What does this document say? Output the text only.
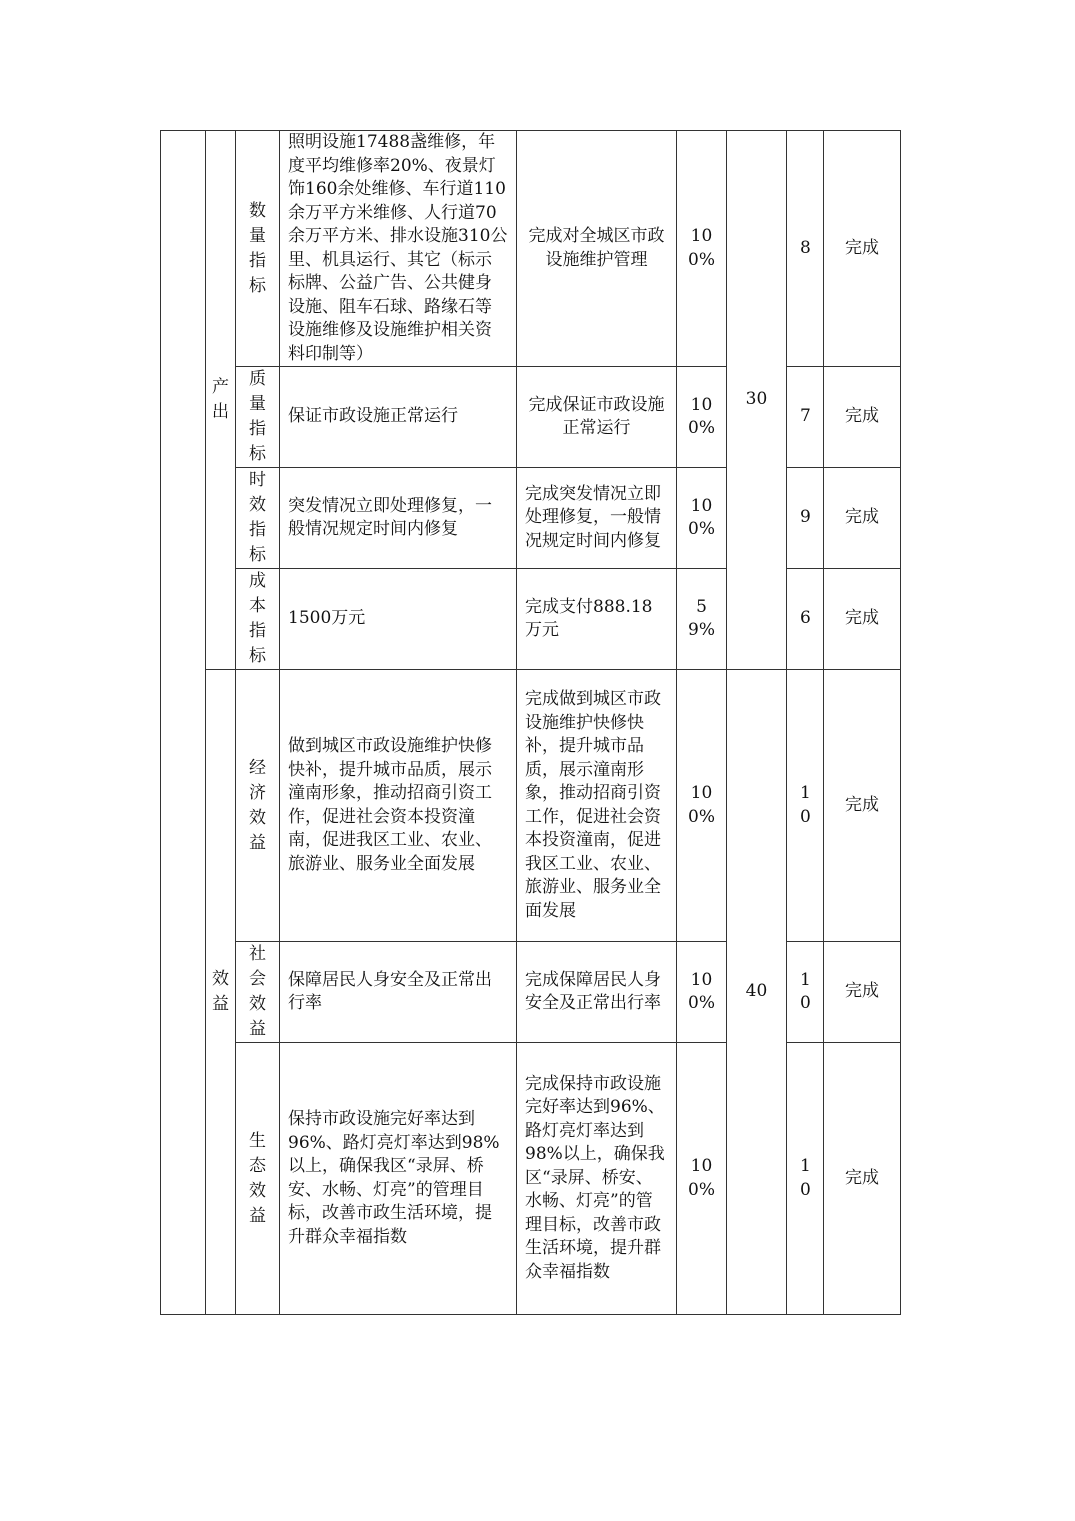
	产出	数量指标	照明设施17488盏维修，年度平均维修率20%、夜景灯饰160余处维修、车行道110余万平方米维修、人行道70余万平方米、排水设施310公里、机具运行、其它（标示标牌、公益广告、公共健身设施、阻车石球、路缘石等设施维修及设施维护相关资料印制等）	完成对全城区市政设施维护管理	100%	30	8	完成

		质量指标	保证市政设施正常运行	完成保证市政设施正常运行	100%		7	完成

		时效指标	突发情况立即处理修复，一般情况规定时间内修复	完成突发情况立即处理修复，一般情况规定时间内修复	100%		9	完成

		成本指标	1500万元	完成支付888.18万元	59%		6	完成

	效益	经济效益	做到城区市政设施维护快修快补，提升城市品质，展示潼南形象，推动招商引资工作，促进社会资本投资潼南，促进我区工业、农业、旅游业、服务业全面发展	完成做到城区市政设施维护快修快补，提升城市品质，展示潼南形象，推动招商引资工作，促进社会资本投资潼南，促进我区工业、农业、旅游业、服务业全面发展	100%	40	10	完成

		社会效益	保障居民人身安全及正常出行率	完成保障居民人身安全及正常出行率	100%		10	完成

		生态效益	保持市政设施完好率达到96%、路灯亮灯率达到98%以上，确保我区“录屏、桥安、水畅、灯亮”的管理目标，改善市政生活环境，提升群众幸福指数	完成保持市政设施完好率达到96%、路灯亮灯率达到98%以上，确保我区“录屏、桥安、水畅、灯亮”的管理目标，改善市政生活环境，提升群众幸福指数	100%		10	完成
